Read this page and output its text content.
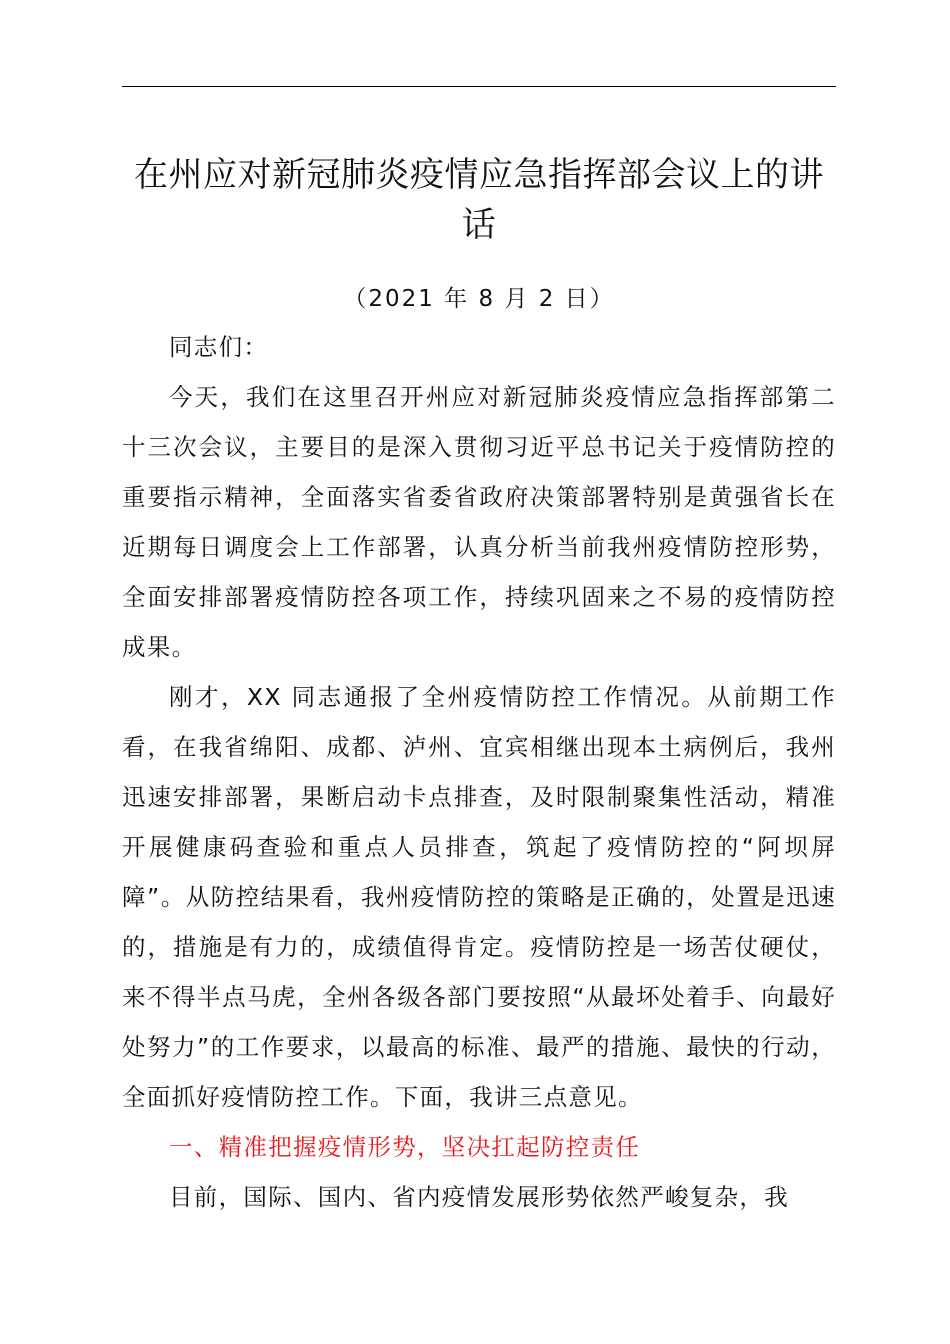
在州应对新冠肺炎疫情应急指挥部会议上的讲话
（2021 年 8 月 2 日）

同志们：

今天，我们在这里召开州应对新冠肺炎疫情应急指挥部第二十三次会议，主要目的是深入贯彻习近平总书记关于疫情防控的重要指示精神，全面落实省委省政府决策部署特别是黄强省长在近期每日调度会上工作部署，认真分析当前我州疫情防控形势，全面安排部署疫情防控各项工作，持续巩固来之不易的疫情防控成果。

刚才，XX 同志通报了全州疫情防控工作情况。从前期工作看，在我省绵阳、成都、泸州、宜宾相继出现本土病例后，我州迅速安排部署，果断启动卡点排查，及时限制聚集性活动，精准开展健康码查验和重点人员排查，筑起了疫情防控的“阿坝屏障”。从防控结果看，我州疫情防控的策略是正确的，处置是迅速的，措施是有力的，成绩值得肯定。疫情防控是一场苦仗硬仗，来不得半点马虎，全州各级各部门要按照“从最坏处着手、向最好处努力”的工作要求，以最高的标准、最严的措施、最快的行动，全面抓好疫情防控工作。下面，我讲三点意见。

一、精准把握疫情形势，坚决扛起防控责任

目前，国际、国内、省内疫情发展形势依然严峻复杂，我
